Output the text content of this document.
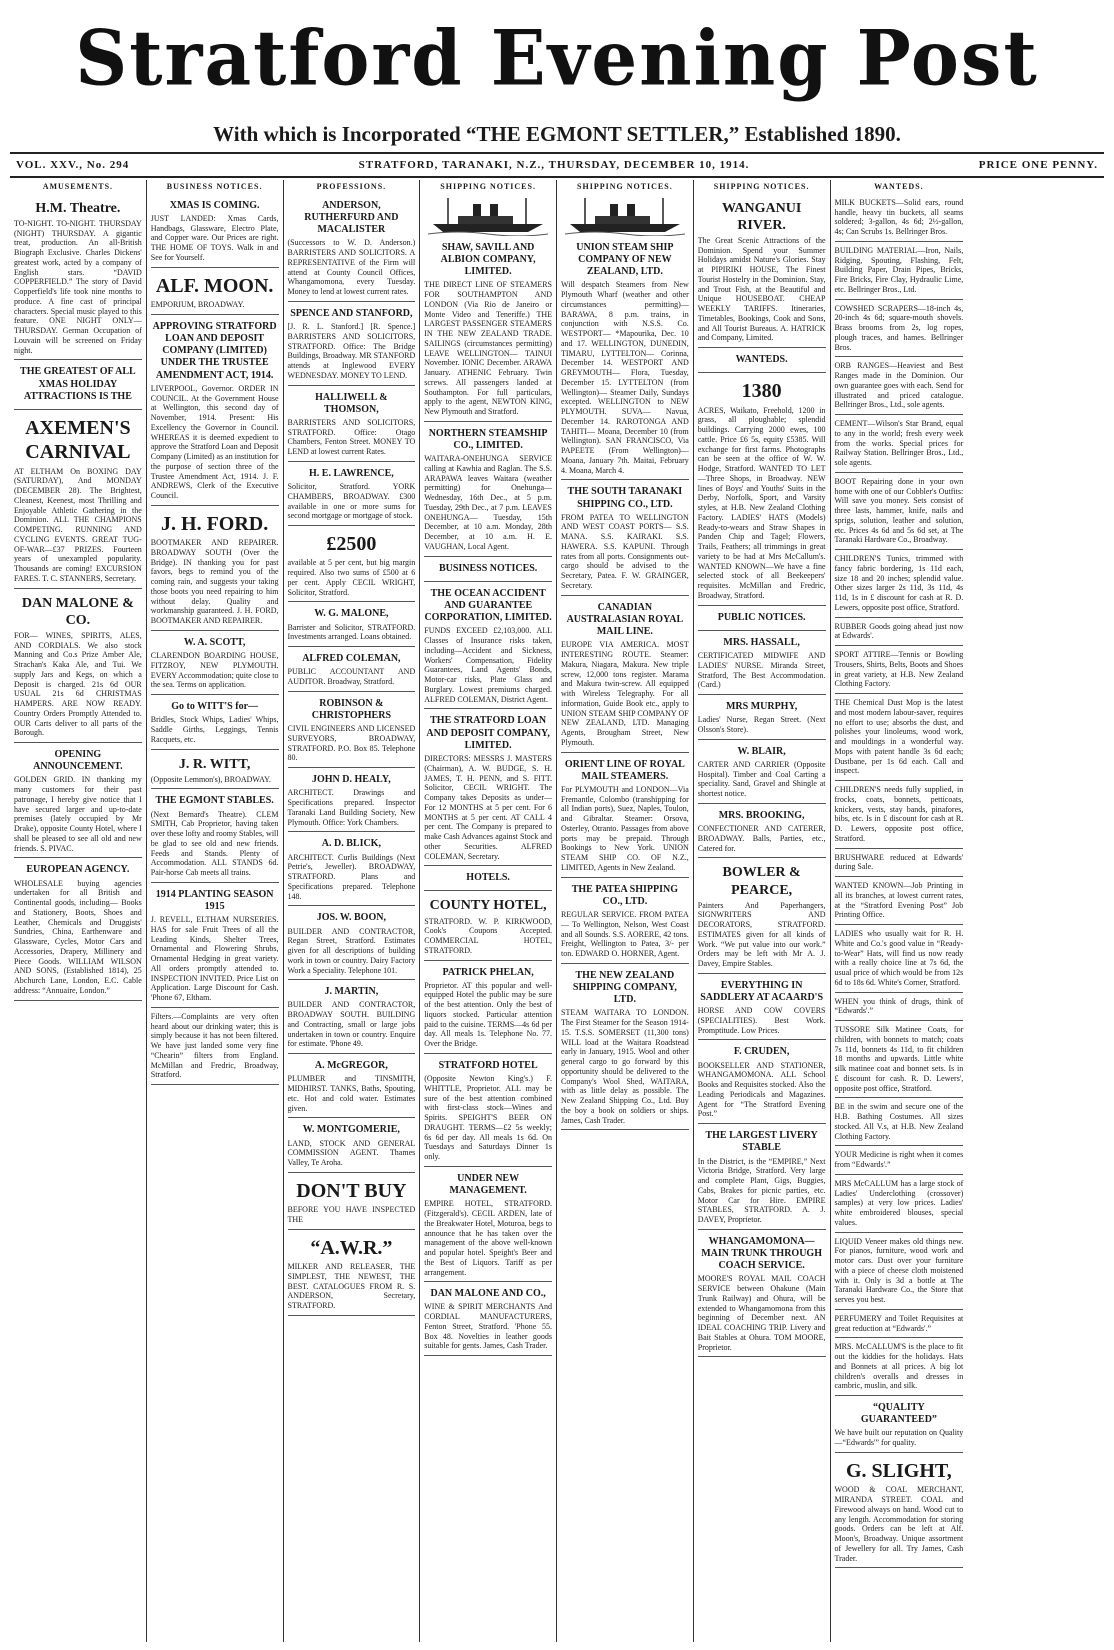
Stratford Evening Post
With which is Incorporated “THE EGMONT SETTLER,” Established 1890.
VOL. XXV., No. 294	STRATFORD, TARANAKI, N.Z., THURSDAY, DECEMBER 10, 1914.	PRICE ONE PENNY.
AMUSEMENTS.
H.M. Theatre.
TO-NIGHT. TO-NIGHT. THURSDAY (NIGHT) THURSDAY. A gigantic treat, production. An all-British Biograph Exclusive. Charles Dickens' greatest work, acted by a company of English stars. “DAVID COPPERFIELD.” The story of David Copperfield's life took nine months to produce. A fine cast of principal characters. Special music played to this feature. ONE NIGHT ONLY—THURSDAY. German Occupation of Louvain will be screened on Friday night.
THE GREATEST OF ALL XMAS HOLIDAY ATTRACTIONS IS THE
AXEMEN'S CARNIVAL
AT ELTHAM On BOXING DAY (SATURDAY), And MONDAY (DECEMBER 28). The Brightest, Cleanest, Keenest, most Thrilling and Enjoyable Athletic Gathering in the Dominion. ALL THE CHAMPIONS COMPETING. RUNNING AND CYCLING EVENTS. GREAT TUG-OF-WAR—£37 PRIZES. Fourteen years of unexampled popularity. Thousands are coming! EXCURSION FARES. T. C. STANNERS, Secretary.
DAN MALONE & CO.
FOR— WINES, SPIRITS, ALES, AND CORDIALS. We also stock Manning and Co.s Prize Amber Ale, Strachan's Kaka Ale, and Tui. We supply Jars and Kegs, on which a Deposit is charged. 21s 6d OUR USUAL 21s 6d CHRISTMAS HAMPERS. ARE NOW READY. Country Orders Promptly Attended to. OUR Carts deliver to all parts of the Borough.
OPENING ANNOUNCEMENT.
GOLDEN GRID. IN thanking my many customers for their past patronage, I hereby give notice that I have secured larger and up-to-date premises (lately occupied by Mr Drake), opposite County Hotel, where I shall be pleased to see all old and new friends. S. PIVAC.
EUROPEAN AGENCY.
WHOLESALE buying agencies undertaken for all British and Continental goods, including— Books and Stationery, Boots, Shoes and Leather, Chemicals and Druggists' Sundries, China, Earthenware and Glassware, Cycles, Motor Cars and Accessories, Drapery, Millinery and Piece Goods. WILLIAM WILSON AND SONS, (Established 1814), 25 Abchurch Lane, London, E.C. Cable address: “Annuaire, London.”
BUSINESS NOTICES.
XMAS IS COMING.
JUST LANDED: Xmas Cards, Handbags, Glassware, Electro Plate, and Copper ware. Our Prices are right. THE HOME OF TOYS. Walk in and See for Yourself.
ALF. MOON.
EMPORIUM, BROADWAY.
APPROVING STRATFORD LOAN AND DEPOSIT COMPANY (LIMITED) UNDER THE TRUSTEE AMENDMENT ACT, 1914.
LIVERPOOL, Governor. ORDER IN COUNCIL. At the Government House at Wellington, this second day of November, 1914. Present: His Excellency the Governor in Council. WHEREAS it is deemed expedient to approve the Stratford Loan and Deposit Company (Limited) as an institution for the purpose of section three of the Trustee Amendment Act, 1914. J. F. ANDREWS, Clerk of the Executive Council.
J. H. FORD.
BOOTMAKER AND REPAIRER. BROADWAY SOUTH (Over the Bridge). IN thanking you for past favors, begs to remind you of the coming rain, and suggests your taking those boots you need repairing to him without delay. Quality and workmanship guaranteed. J. H. FORD, BOOTMAKER AND REPAIRER.
W. A. SCOTT,
CLARENDON BOARDING HOUSE, FITZROY, NEW PLYMOUTH. EVERY Accommodation; quite close to the sea. Terms on application.
Go to WITT'S for—
Bridles, Stock Whips, Ladies' Whips, Saddle Girths, Leggings, Tennis Racquets, etc.
J. R. WITT,
(Opposite Lemmon's), BROADWAY.
THE EGMONT STABLES.
(Next Bernard's Theatre). CLEM SMITH, Cab Proprietor, having taken over these lofty and roomy Stables, will be glad to see old and new friends. Feeds and Stands. Plenty of Accommodation. ALL STANDS 6d. Pair-horse Cab meets all trains.
1914 PLANTING SEASON 1915
J. REVELL, ELTHAM NURSERIES. HAS for sale Fruit Trees of all the Leading Kinds, Shelter Trees, Ornamental and Flowering Shrubs, Ornamental Hedging in great variety. All orders promptly attended to. INSPECTION INVITED. Price List on Application. Large Discount for Cash. 'Phone 67, Eltham.
Filters.—Complaints are very often heard about our drinking water; this is simply because it has not been filtered. We have just landed some very fine “Chearin” filters from England. McMillan and Fredric, Broadway, Stratford.
PROFESSIONS.
ANDERSON, RUTHERFURD AND MACALISTER
(Successors to W. D. Anderson.) BARRISTERS AND SOLICITORS. A REPRESENTATIVE of the Firm will attend at County Council Offices, Whangamomona, every Tuesday. Money to lend at lowest current rates.
SPENCE AND STANFORD,
[J. R. L. Stanford.] [R. Spence.] BARRISTERS AND SOLICITORS, STRATFORD. Office: The Bridge Buildings, Broadway. MR STANFORD attends at Inglewood EVERY WEDNESDAY. MONEY TO LEND.
HALLIWELL & THOMSON,
BARRISTERS AND SOLICITORS, STRATFORD. Office: Otago Chambers, Fenton Street. MONEY TO LEND at lowest current Rates.
H. E. LAWRENCE,
Solicitor, Stratford. YORK CHAMBERS, BROADWAY. £300 available in one or more sums for second mortgage or mortgage of stock.
£2500
available at 5 per cent, but big margin required. Also two sums of £500 at 6 per cent. Apply CECIL WRIGHT, Solicitor, Stratford.
W. G. MALONE,
Barrister and Solicitor, STRATFORD. Investments arranged. Loans obtained.
ALFRED COLEMAN,
PUBLIC ACCOUNTANT AND AUDITOR. Broadway, Stratford.
ROBINSON & CHRISTOPHERS
CIVIL ENGINEERS AND LICENSED SURVEYORS, BROADWAY, STRATFORD. P.O. Box 85. Telephone 80.
JOHN D. HEALY,
ARCHITECT. Drawings and Specifications prepared. Inspector Taranaki Land Building Society, New Plymouth. Office: York Chambers.
A. D. BLICK,
ARCHITECT. Curlis Buildings (Next Petrie's, Jeweller). BROADWAY, STRATFORD. Plans and Specifications prepared. Telephone 148.
JOS. W. BOON,
BUILDER AND CONTRACTOR, Regan Street, Stratford. Estimates given for all descriptions of building work in town or country. Dairy Factory Work a Speciality. Telephone 101.
J. MARTIN,
BUILDER AND CONTRACTOR, BROADWAY SOUTH. BUILDING and Contracting, small or large jobs undertaken in town or country. Enquire for estimate. 'Phone 49.
A. McGREGOR,
PLUMBER and TINSMITH, MIDHIRST. TANKS, Baths, Spouting, etc. Hot and cold water. Estimates given.
W. MONTGOMERIE,
LAND, STOCK AND GENERAL COMMISSION AGENT. Thames Valley, Te Aroha.
DON'T BUY
BEFORE YOU HAVE INSPECTED THE
“A.W.R.”
MILKER AND RELEASER, THE SIMPLEST, THE NEWEST, THE BEST. CATALOGUES FROM R. S. ANDERSON, Secretary, STRATFORD.
SHIPPING NOTICES.
SHAW, SAVILL AND ALBION COMPANY, LIMITED.
THE DIRECT LINE OF STEAMERS FOR SOUTHAMPTON AND LONDON (Via Rio de Janeiro or Monte Video and Teneriffe.) THE LARGEST PASSENGER STEAMERS IN THE NEW ZEALAND TRADE. SAILINGS (circumstances permitting) LEAVE WELLINGTON— TAINUI November. IONIC December. ARAWA January. ATHENIC February. Twin screws. All passengers landed at Southampton. For full particulars, apply to the agent, NEWTON KING, New Plymouth and Stratford.
NORTHERN STEAMSHIP CO., LIMITED.
WAITARA-ONEHUNGA SERVICE calling at Kawhia and Raglan. The S.S. ARAPAWA leaves Waitara (weather permitting) for Onehunga— Wednesday, 16th Dec., at 5 p.m. Tuesday, 29th Dec., at 7 p.m. LEAVES ONEHUNGA— Tuesday, 15th December, at 10 a.m. Monday, 28th December, at 10 a.m. H. E. VAUGHAN, Local Agent.
BUSINESS NOTICES.
THE OCEAN ACCIDENT AND GUARANTEE CORPORATION, LIMITED.
FUNDS EXCEED £2,103,000. ALL Classes of Insurance risks taken, including—Accident and Sickness, Workers' Compensation, Fidelity Guarantees, Land Agents' Bonds, Motor-car risks, Plate Glass and Burglary. Lowest premiums charged. ALFRED COLEMAN, District Agent.
THE STRATFORD LOAN AND DEPOSIT COMPANY, LIMITED.
DIRECTORS: MESSRS J. MASTERS (Chairman), A. W. BUDGE, S. H. JAMES, T. H. PENN, and S. FITT. Solicitor, CECIL WRIGHT. The Company takes Deposits as under— For 12 MONTHS at 5 per cent. For 6 MONTHS at 5 per cent. AT CALL 4 per cent. The Company is prepared to make Cash Advances against Stock and other Securities. ALFRED COLEMAN, Secretary.
HOTELS.
COUNTY HOTEL,
STRATFORD. W. P. KIRKWOOD, Cook's Coupons Accepted. COMMERCIAL HOTEL, STRATFORD.
PATRICK PHELAN,
Proprietor. AT this popular and well-equipped Hotel the public may be sure of the best attention. Only the best of liquors stocked. Particular attention paid to the cuisine. TERMS—4s 6d per day. All meals 1s. Telephone No. 77. Over the Bridge.
STRATFORD HOTEL
(Opposite Newton King's.) F. WHITTLE, Proprietor. ALL may be sure of the best attention combined with first-class stock—Wines and Spirits. SPEIGHT'S BEER ON DRAUGHT. TERMS—£2 5s weekly; 6s 6d per day. All meals 1s 6d. On Tuesdays and Saturdays Dinner 1s only.
UNDER NEW MANAGEMENT.
EMPIRE HOTEL, STRATFORD. (Fitzgerald's). CECIL ARDEN, late of the Breakwater Hotel, Moturoa, begs to announce that he has taken over the management of the above well-known and popular hotel. Speight's Beer and the Best of Liquors. Tariff as per arrangement.
DAN MALONE AND CO.,
WINE & SPIRIT MERCHANTS And CORDIAL MANUFACTURERS, Fenton Street, Stratford. 'Phone 55. Box 48. Novelties in leather goods suitable for gents. James, Cash Trader.
SHIPPING NOTICES.
UNION STEAM SHIP COMPANY OF NEW ZEALAND, LTD.
Will despatch Steamers from New Plymouth Wharf (weather and other circumstances permitting)— BARAWA, 8 p.m. trains, in conjunction with N.S.S. Co. WESTPORT— *Mapourika, Dec. 10 and 17. WELLINGTON, DUNEDIN, TIMARU, LYTTELTON— Corinna, December 14. WESTPORT AND GREYMOUTH— Flora, Tuesday, December 15. LYTTELTON (from Wellington)— Steamer Daily, Sundays excepted. WELLINGTON to NEW PLYMOUTH. SUVA— Navua, December 14. RAROTONGA AND TAHITI— Moana, December 10 (from Wellington). SAN FRANCISCO, Via PAPEETE (From Wellington)— Moana, January 7th. Maitai, February 4. Moana, March 4.
THE SOUTH TARANAKI SHIPPING CO., LTD.
FROM PATEA TO WELLINGTON AND WEST COAST PORTS— S.S. MANA. S.S. KAIRAKI. S.S. HAWERA. S.S. KAPUNI. Through rates from all ports. Consignments out-cargo should be advised to the Secretary, Patea. F. W. GRAINGER, Secretary.
CANADIAN AUSTRALASIAN ROYAL MAIL LINE.
EUROPE VIA AMERICA. MOST INTERESTING ROUTE. Steamer: Makura, Niagara, Makura. New triple screw, 12,000 tons register. Marama and Makura twin-screw. All equipped with Wireless Telegraphy. For all information, Guide Book etc., apply to UNION STEAM SHIP COMPANY OF NEW ZEALAND, LTD. Managing Agents, Brougham Street, New Plymouth.
ORIENT LINE OF ROYAL MAIL STEAMERS.
For PLYMOUTH and LONDON—Via Fremantle, Colombo (transhipping for all Indian ports), Suez, Naples, Toulon, and Gibraltar. Steamer: Orsova, Osterley, Otranto. Passages from above ports may be prepaid. Through Bookings to New York. UNION STEAM SHIP CO. OF N.Z., LIMITED, Agents in New Zealand.
THE PATEA SHIPPING CO., LTD.
REGULAR SERVICE. FROM PATEA— To Wellington, Nelson, West Coast and all Sounds. S.S. AORERE, 42 tons. Freight, Wellington to Patea, 3/- per ton. EDWARD O. HORNER, Agent.
THE NEW ZEALAND SHIPPING COMPANY, LTD.
STEAM WAITARA TO LONDON. The First Steamer for the Season 1914-15. T.S.S. SOMERSET (11,300 tons) WILL load at the Waitara Roadstead early in January, 1915. Wool and other general cargo to go forward by this opportunity should be delivered to the Company's Wool Shed, WAITARA, with as little delay as possible. The New Zealand Shipping Co., Ltd. Buy the boy a book on soldiers or ships. James, Cash Trader.
SHIPPING NOTICES.
WANGANUI RIVER.
The Great Scenic Attractions of the Dominion. Spend your Summer Holidays amidst Nature's Glories. Stay at PIPIRIKI HOUSE, The Finest Tourist Hostelry in the Dominion. Stay, and Trout Fish, at the Beautiful and Unique HOUSEBOAT. CHEAP WEEKLY TARIFFS. Itineraries, Timetables, Bookings, Cook and Sons, and All Tourist Bureaus. A. HATRICK and Company, Limited.
WANTEDS.
1380
ACRES, Waikato, Freehold, 1200 in grass, all ploughable; splendid buildings. Carrying 2000 ewes, 100 cattle. Price £6 5s, equity £5385. Will exchange for first farms. Photographs can be seen at the office of W. W. Hodge, Stratford. WANTED TO LET—Three Shops, in Broadway. NEW lines of Boys' and Youths' Suits in the Derby, Norfolk, Sport, and Varsity styles, at H.B. New Zealand Clothing Factory. LADIES' HATS (Models) Ready-to-wears and Straw Shapes in Panden Chip and Tagel; Flowers, Trails, Feathers; all trimmings in great variety to be had at Mrs McCallum's. WANTED KNOWN—We have a fine selected stock of all Beekeepers' requisites. McMillan and Fredric, Broadway, Stratford.
PUBLIC NOTICES.
MRS. HASSALL,
CERTIFICATED MIDWIFE AND LADIES' NURSE. Miranda Street, Stratford, The Best Accommodation. (Card.)
MRS MURPHY,
Ladies' Nurse, Regan Street. (Next Olsson's Store).
W. BLAIR,
CARTER AND CARRIER (Opposite Hospital). Timber and Coal Carting a speciality. Sand, Gravel and Shingle at shortest notice.
MRS. BROOKING,
CONFECTIONER AND CATERER, BROADWAY. Balls, Parties, etc., Catered for.
BOWLER & PEARCE,
Painters And Paperhangers, SIGNWRITERS AND DECORATORS, STRATFORD. ESTIMATES given for all kinds of Work. “We put value into our work.” Orders may be left with Mr A. J. Davey, Empire Stables.
EVERYTHING IN SADDLERY AT ACAARD'S
HORSE AND COW COVERS (SPECIALITIES). Best Work. Promptitude. Low Prices.
F. CRUDEN,
BOOKSELLER AND STATIONER, WHANGAMOMONA. ALL School Books and Requisites stocked. Also the Leading Periodicals and Magazines. Agent for “The Stratford Evening Post.”
THE LARGEST LIVERY STABLE
In the District, is the “EMPIRE,” Next Victoria Bridge, Stratford. Very large and complete Plant, Gigs, Buggies, Cabs, Brakes for picnic parties, etc. Motor Car for Hire. EMPIRE STABLES, STRATFORD. A. J. DAVEY, Proprietor.
WHANGAMOMONA—MAIN TRUNK THROUGH COACH SERVICE.
MOORE'S ROYAL MAIL COACH SERVICE between Ohakune (Main Trunk Railway) and Ohura, will be extended to Whangamomona from this beginning of December next. AN IDEAL COACHING TRIP. Livery and Bait Stables at Ohura. TOM MOORE, Proprietor.
WANTEDS.
MILK BUCKETS—Solid ears, round handle, heavy tin buckets, all seams soldered; 3-gallon, 4s 6d; 2½-gallon, 4s; Can Scrubs 1s. Bellringer Bros.
BUILDING MATERIAL—Iron, Nails, Ridging, Spouting, Flashing, Felt, Building Paper, Drain Pipes, Bricks, Fire Bricks, Fire Clay, Hydraulic Lime, etc. Bellringer Bros., Ltd.
COWSHED SCRAPERS—18-inch 4s, 20-inch 4s 6d; square-mouth shovels. Brass brooms from 2s, log ropes, plough traces, and hames. Bellringer Bros.
ORB RANGES—Heaviest and Best Ranges made in the Dominion. Our own guarantee goes with each. Send for illustrated and priced catalogue. Bellringer Bros., Ltd., sole agents.
CEMENT—Wilson's Star Brand, equal to any in the world; fresh every week from the works. Special prices for Railway Station. Bellringer Bros., Ltd., sole agents.
BOOT Repairing done in your own home with one of our Cobbler's Outfits: Will save you money. Sets consist of three lasts, hammer, knife, nails and sprigs, solution, leather and solution, etc. Prices 4s 6d and 5s 6d set, at The Taranaki Hardware Co., Broadway.
CHILDREN'S Tunics, trimmed with fancy fabric bordering, 1s 11d each, size 18 and 20 inches; splendid value. Other sizes larger 2s 11d, 3s 11d, 4s 11d, 1s in £ discount for cash at R. D. Lewers, opposite post office, Stratford.
RUBBER Goods going ahead just now at Edwards'.
SPORT ATTIRE—Tennis or Bowling Trousers, Shirts, Belts, Boots and Shoes in great variety, at H.B. New Zealand Clothing Factory.
THE Chemical Dust Mop is the latest and most modern labour-saver, requires no effort to use; absorbs the dust, and polishes your linoleums, wood work, and mouldings in a wonderful way. Mops with patent handle 3s 6d each; Dustbane, per 1s 6d each. Call and inspect.
CHILDREN'S needs fully supplied, in frocks, coats, bonnets, petticoats, knickers, vests, stay bands, pinafores, bibs, etc. Is in £ discount for cash at R. D. Lewers, opposite post office, Stratford.
BRUSHWARE reduced at Edwards' during Sale.
WANTED KNOWN—Job Printing in all its branches, at lowest current rates, at the “Stratford Evening Post” Job Printing Office.
LADIES who usually wait for R. H. White and Co.'s good value in “Ready-to-Wear” Hats, will find us now ready with a really choice line at 7s 6d, the usual price of which would be from 12s 6d to 18s 6d. White's Corner, Stratford.
WHEN you think of drugs, think of “Edwards'.”
TUSSORE Silk Matinee Coats, for children, with bonnets to match; coats 7s 11d, bonnets 4s 11d, to fit children 18 months and upwards. Little white silk matinee coat and bonnet sets. Is in £ discount for cash. R. D. Lewers', opposite post office, Stratford.
BE in the swim and secure one of the H.B. Bathing Costumes. All sizes stocked. All V.s, at H.B. New Zealand Clothing Factory.
YOUR Medicine is right when it comes from “Edwards'.”
MRS McCALLUM has a large stock of Ladies' Underclothing (crossover) samples) at very low prices. Ladies' white embroidered blouses, special values.
LIQUID Veneer makes old things new. For pianos, furniture, wood work and motor cars. Dust over your furniture with a piece of cheese cloth moistened with it. Only is 3d a bottle at The Taranaki Hardware Co., the Store that serves you best.
PERFUMERY and Toilet Requisites at great reduction at “Edwards'.”
MRS. McCALLUM'S is the place to fit out the kiddies for the holidays. Hats and Bonnets at all prices. A big lot children's overalls and dresses in cambric, muslin, and silk.
“QUALITY GUARANTEED”
We have built our reputation on Quality—“Edwards'” for quality.
G. SLIGHT,
WOOD & COAL MERCHANT, MIRANDA STREET. COAL and Firewood always on hand. Wood cut to any length. Accommodation for storing goods. Orders can be left at Alf. Moon's, Broadway. Unique assortment of Jewellery for all. Try James, Cash Trader.
